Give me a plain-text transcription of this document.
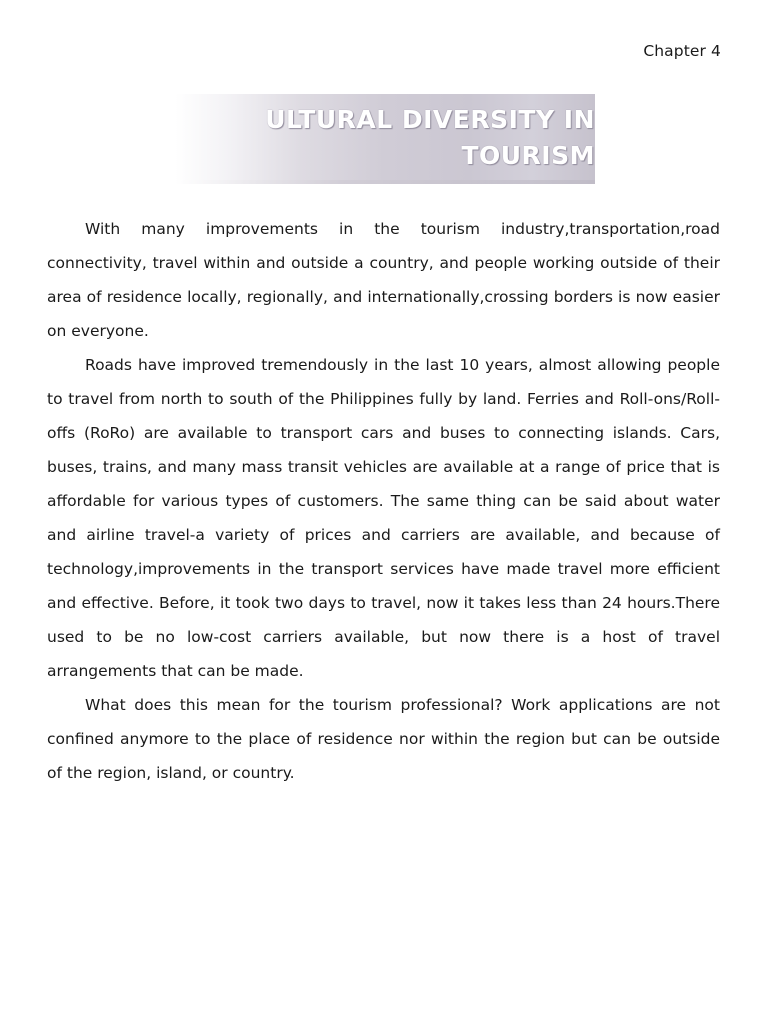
Chapter 4
ULTURAL DIVERSITY IN
TOURISM

With many improvements in the tourism industry,transportation,road connectivity, travel within and outside a country, and people working outside of their area of residence locally, regionally, and internationally,crossing borders is now easier on everyone.

Roads have improved tremendously in the last 10 years, almost allowing people to travel from north to south of the Philippines fully by land. Ferries and Roll-ons/Roll-offs (RoRo) are available to transport cars and buses to connecting islands. Cars, buses, trains, and many mass transit vehicles are available at a range of price that is affordable for various types of customers. The same thing can be said about water and airline travel-a variety of prices and carriers are available, and because of technology,improvements in the transport services have made travel more efficient and effective. Before, it took two days to travel, now it takes less than 24 hours.There used to be no low-cost carriers available, but now there is a host of travel arrangements that can be made.

What does this mean for the tourism professional? Work applications are not confined anymore to the place of residence nor within the region but can be outside of the region, island, or country.
